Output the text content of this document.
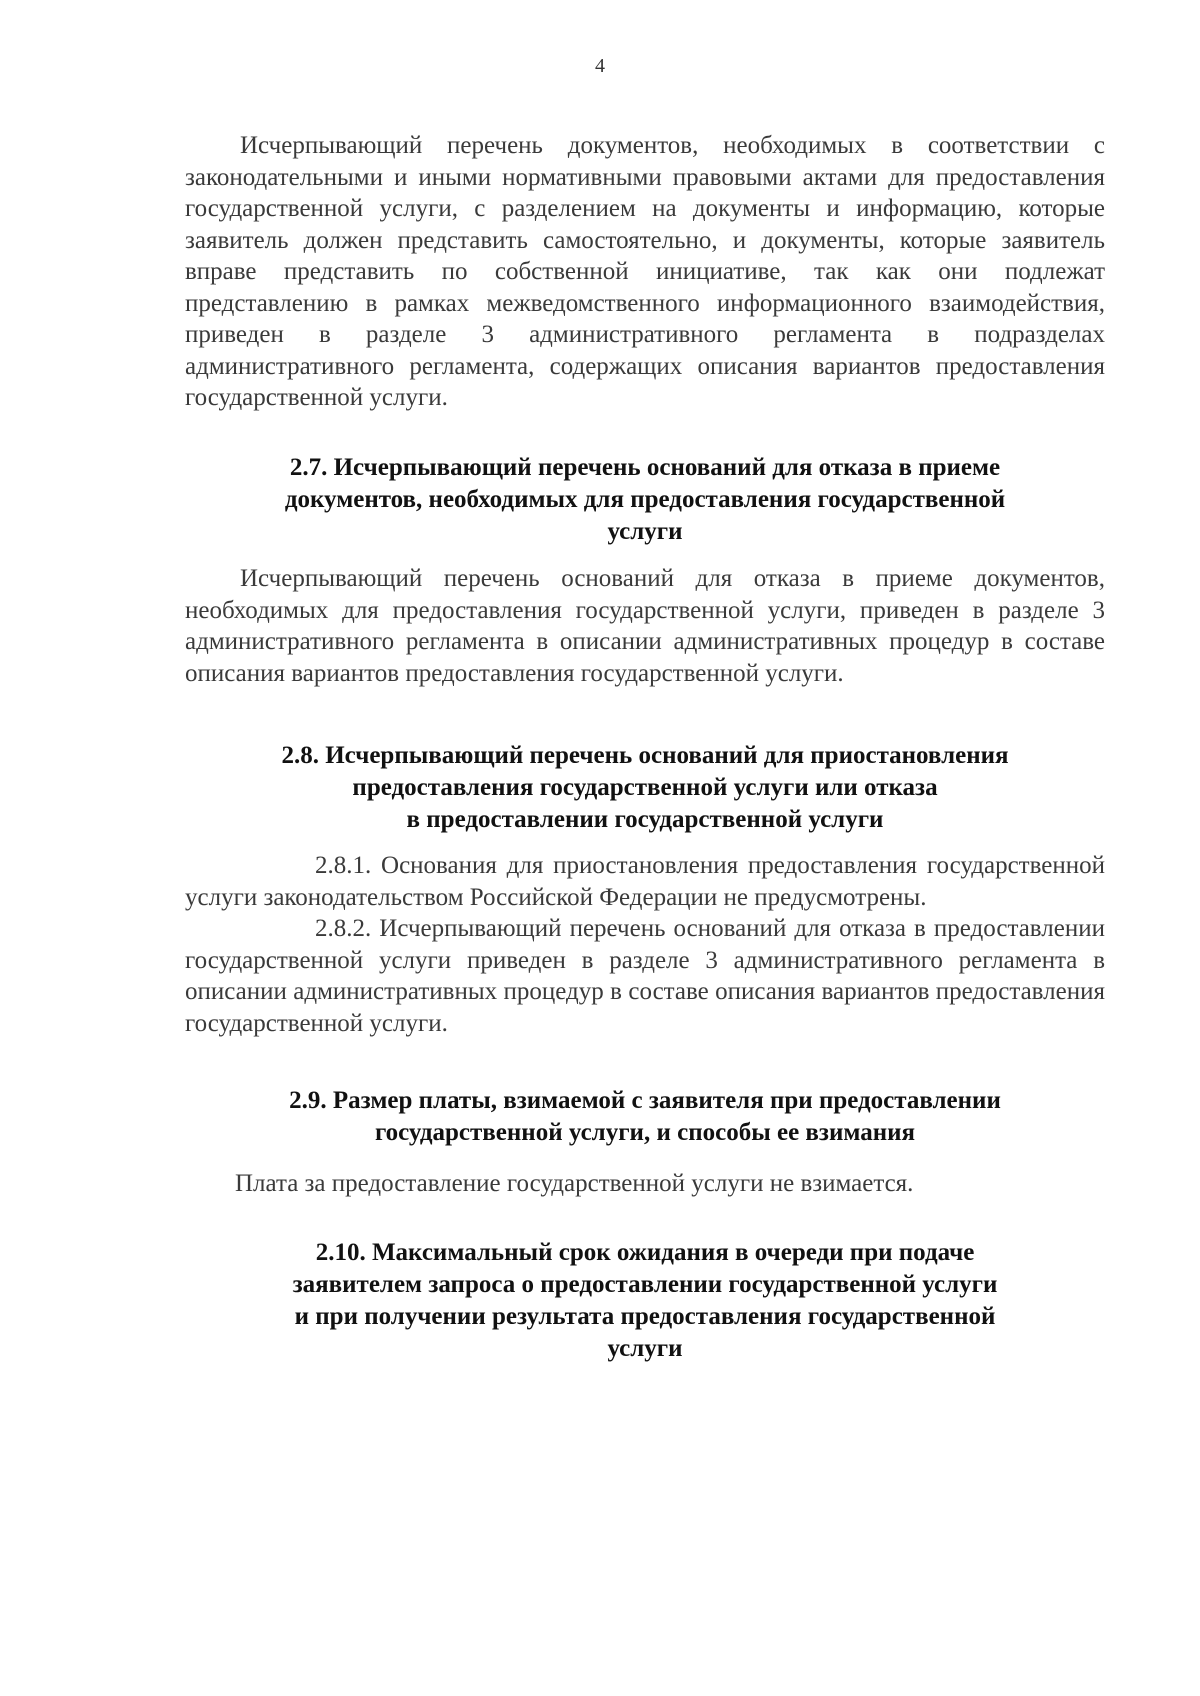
4

Исчерпывающий перечень документов, необходимых в соответствии с законодательными и иными нормативными правовыми актами для предоставления государственной услуги, с разделением на документы и информацию, которые заявитель должен представить самостоятельно, и документы, которые заявитель вправе представить по собственной инициативе, так как они подлежат представлению в рамках межведомственного информационного взаимодействия, приведен в разделе 3 административного регламента в подразделах административного регламента, содержащих описания вариантов предоставления государственной услуги.

2.7. Исчерпывающий перечень оснований для отказа в приеме
документов, необходимых для предоставления государственной
услуги

Исчерпывающий перечень оснований для отказа в приеме документов, необходимых для предоставления государственной услуги, приведен в разделе 3 административного регламента в описании административных процедур в составе описания вариантов предоставления государственной услуги.

2.8. Исчерпывающий перечень оснований для приостановления
предоставления государственной услуги или отказа
в предоставлении государственной услуги

2.8.1. Основания для приостановления предоставления государственной услуги законодательством Российской Федерации не предусмотрены.

2.8.2. Исчерпывающий перечень оснований для отказа в предоставлении государственной услуги приведен в разделе 3 административного регламента в описании административных процедур в составе описания вариантов предоставления государственной услуги.

2.9. Размер платы, взимаемой с заявителя при предоставлении
государственной услуги, и способы ее взимания

Плата за предоставление государственной услуги не взимается.

2.10. Максимальный срок ожидания в очереди при подаче
заявителем запроса о предоставлении государственной услуги
и при получении результата предоставления государственной
услуги
